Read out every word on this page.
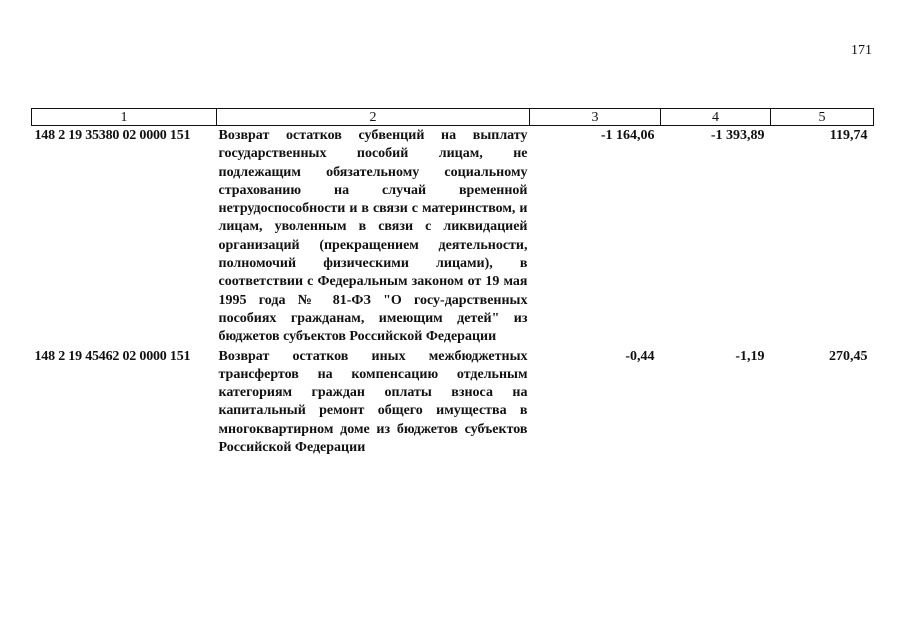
171
1	2	3	4	5
148 2 19 35380 02 0000 151	Возврат остатков субвенций на выплату государственных пособий лицам, не подлежащим обязательному социальному страхованию на случай временной нетрудоспособности и в связи с материнством, и лицам, уволенным в связи с ликвидацией организаций (прекращением деятельности, полномочий физическими лицами), в соответствии с Федеральным законом от 19 мая 1995 года № 81-ФЗ "О госу-дарственных пособиях гражданам, имеющим детей" из бюджетов субъектов Российской Федерации	-1 164,06	-1 393,89	119,74
148 2 19 45462 02 0000 151	Возврат остатков иных межбюджетных трансфертов на компенсацию отдельным категориям граждан оплаты взноса на капитальный ремонт общего имущества в многоквартирном доме из бюджетов субъектов Российской Федерации	-0,44	-1,19	270,45
